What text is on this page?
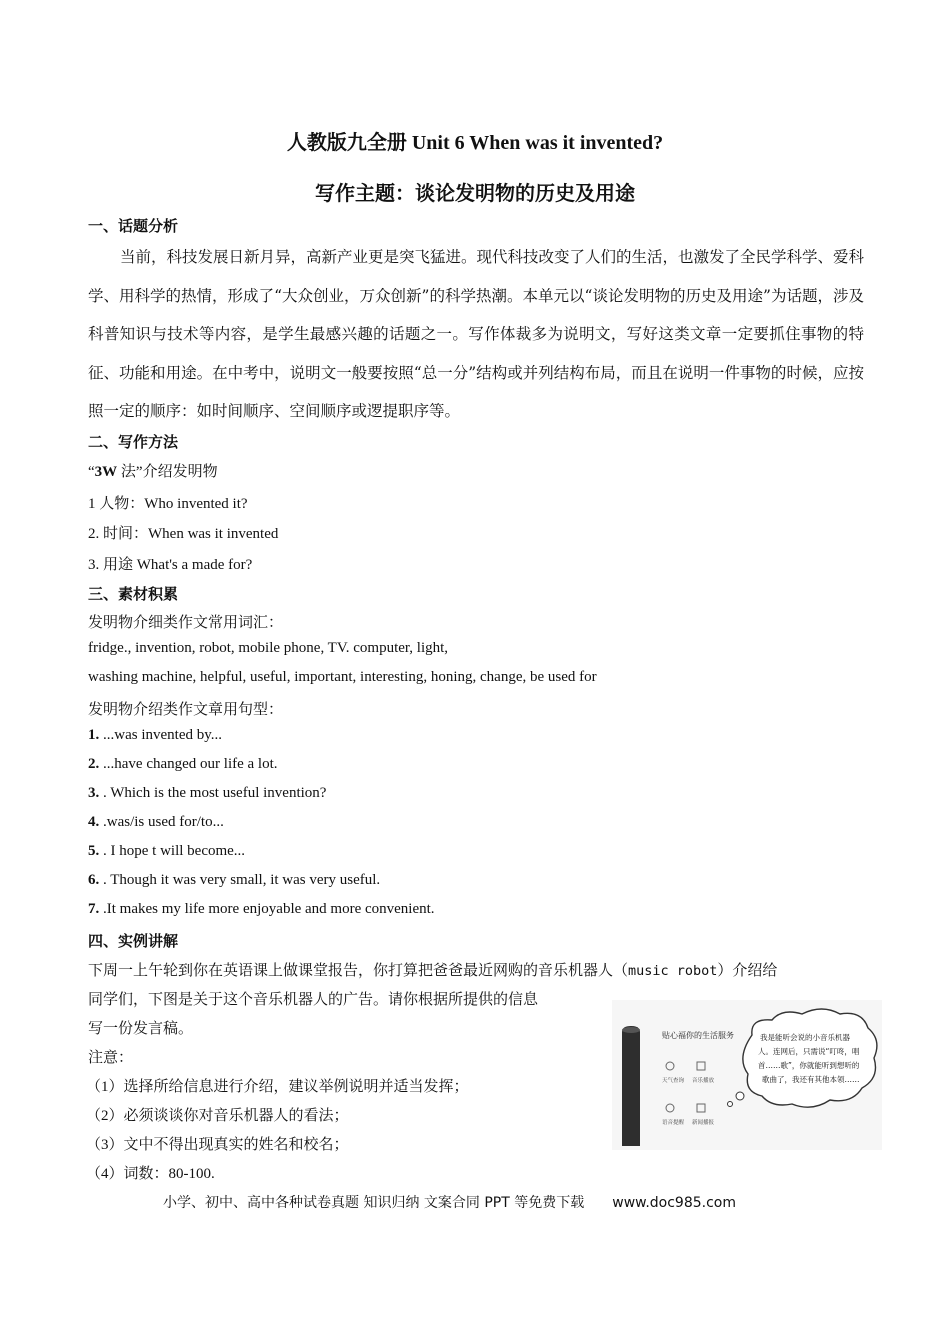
人教版九全册 Unit 6 When was it invented?
写作主题：谈论发明物的历史及用途
一、话题分析
当前，科技发展日新月异，高新产业更是突飞猛进。现代科技改变了人们的生活，也激发了全民学科学、爱科学、用科学的热情，形成了“大众创业，万众创新”的科学热潮。本单元以“谈论发明物的历史及用途”为话题，涉及科普知识与技术等内容，是学生最感兴趣的话题之一。写作体裁多为说明文，写好这类文章一定要抓住事物的特征、功能和用途。在中考中，说明文一般要按照“总一分”结构或并列结构布局，而且在说明一件事物的时候，应按照一定的顺序：如时间顺序、空间顺序或逻提职序等。
二、写作方法
“3W 法”介绍发明物
1 人物：Who invented it?
2. 时间：When was it invented
3. 用途 What's a made for?
三、素材积累
发明物介细类作文常用词汇：
fridge., invention, robot, mobile phone, TV. computer, light,
washing machine, helpful, useful, important, interesting, honing, change, be used for
发明物介绍类作文章用句型：
1. ...was invented by...
2. ...have changed our life a lot.
3. . Which is the most useful invention?
4. .was/is used for/to...
5. . I hope t will become...
6. . Though it was very small, it was very useful.
7. .It makes my life more enjoyable and more convenient.
四、实例讲解
下周一上午轮到你在英语课上做课堂报告，你打算把爸爸最近网购的音乐机器人（music robot）介绍给
同学们，下图是关于这个音乐机器人的广告。请你根据所提供的信息
写一份发言稿。
注意：
（1）选择所给信息进行介绍，建议举例说明并适当发挥；
（2）必须谈谈你对音乐机器人的看法；
（3）文中不得出现真实的姓名和校名；
（4）词数：80-100.
贴心福你的生活服务
天气查询 音乐播放
语音提醒 新闻播报
我是能听会说的小音乐机器
人。连网后，只需说“叮咚，唱
首……歌”，你就能听到想听的
歌曲了，我还有其他本领……
小学、初中、高中各种试卷真题 知识归纳 文案合同 PPT 等免费下载 www.doc985.com
